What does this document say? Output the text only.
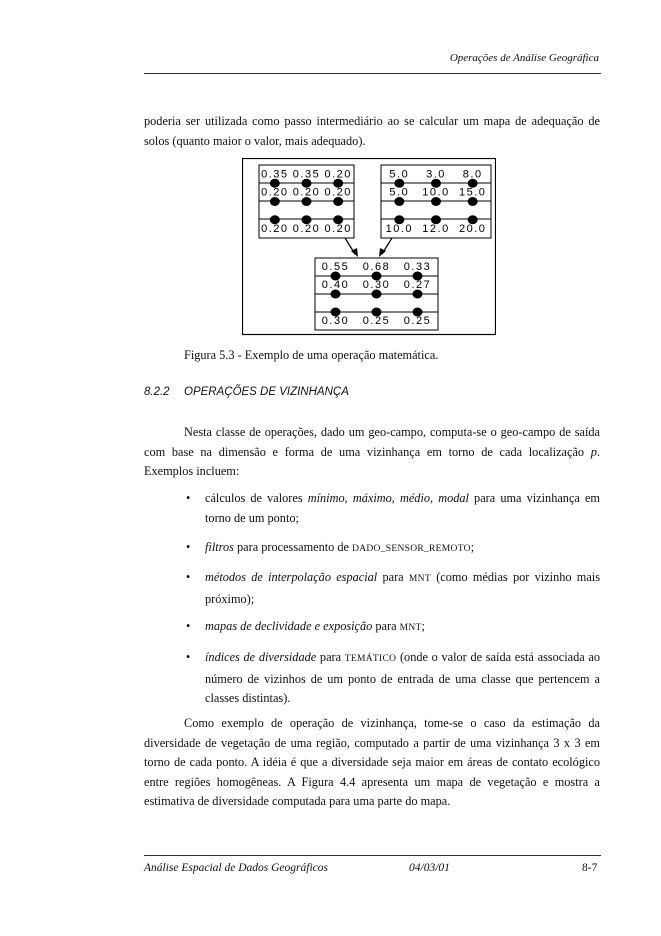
Operações de Análise Geográfica
poderia ser utilizada como passo intermediário ao se calcular um mapa de adequação de solos (quanto maior o valor, mais adequado).
0.35 0.35 0.20
0.20 0.20 0.20
0.20 0.20 0.20
5.0 3.0 8.0
5.0 10.0 15.0
10.0 12.0 20.0
0.55 0.68 0.33
0.40 0.30 0.27
0.30 0.25 0.25
Figura 5.3 - Exemplo de uma operação matemática.
8.2.2 OPERAÇÕES DE VIZINHANÇA
Nesta classe de operações, dado um geo-campo, computa-se o geo-campo de saída com base na dimensão e forma de uma vizinhança em torno de cada localização p. Exemplos incluem:
• cálculos de valores mínimo, máximo, médio, modal para uma vizinhança em torno de um ponto;
• filtros para processamento de DADO_SENSOR_REMOTO;
• métodos de interpolação espacial para MNT (como médias por vizinho mais próximo);
• mapas de declividade e exposição para MNT;
• índices de diversidade para TEMÁTICO (onde o valor de saída está associada ao número de vizinhos de um ponto de entrada de uma classe que pertencem a classes distintas).
Como exemplo de operação de vizinhança, tome-se o caso da estimação da diversidade de vegetação de uma região, computado a partir de uma vizinhança 3 x 3 em torno de cada ponto. A idéia é que a diversidade seja maior em áreas de contato ecológico entre regiões homogêneas. A Figura 4.4 apresenta um mapa de vegetação e mostra a estimativa de diversidade computada para uma parte do mapa.
Análise Espacial de Dados Geográficos	04/03/01	8-7
